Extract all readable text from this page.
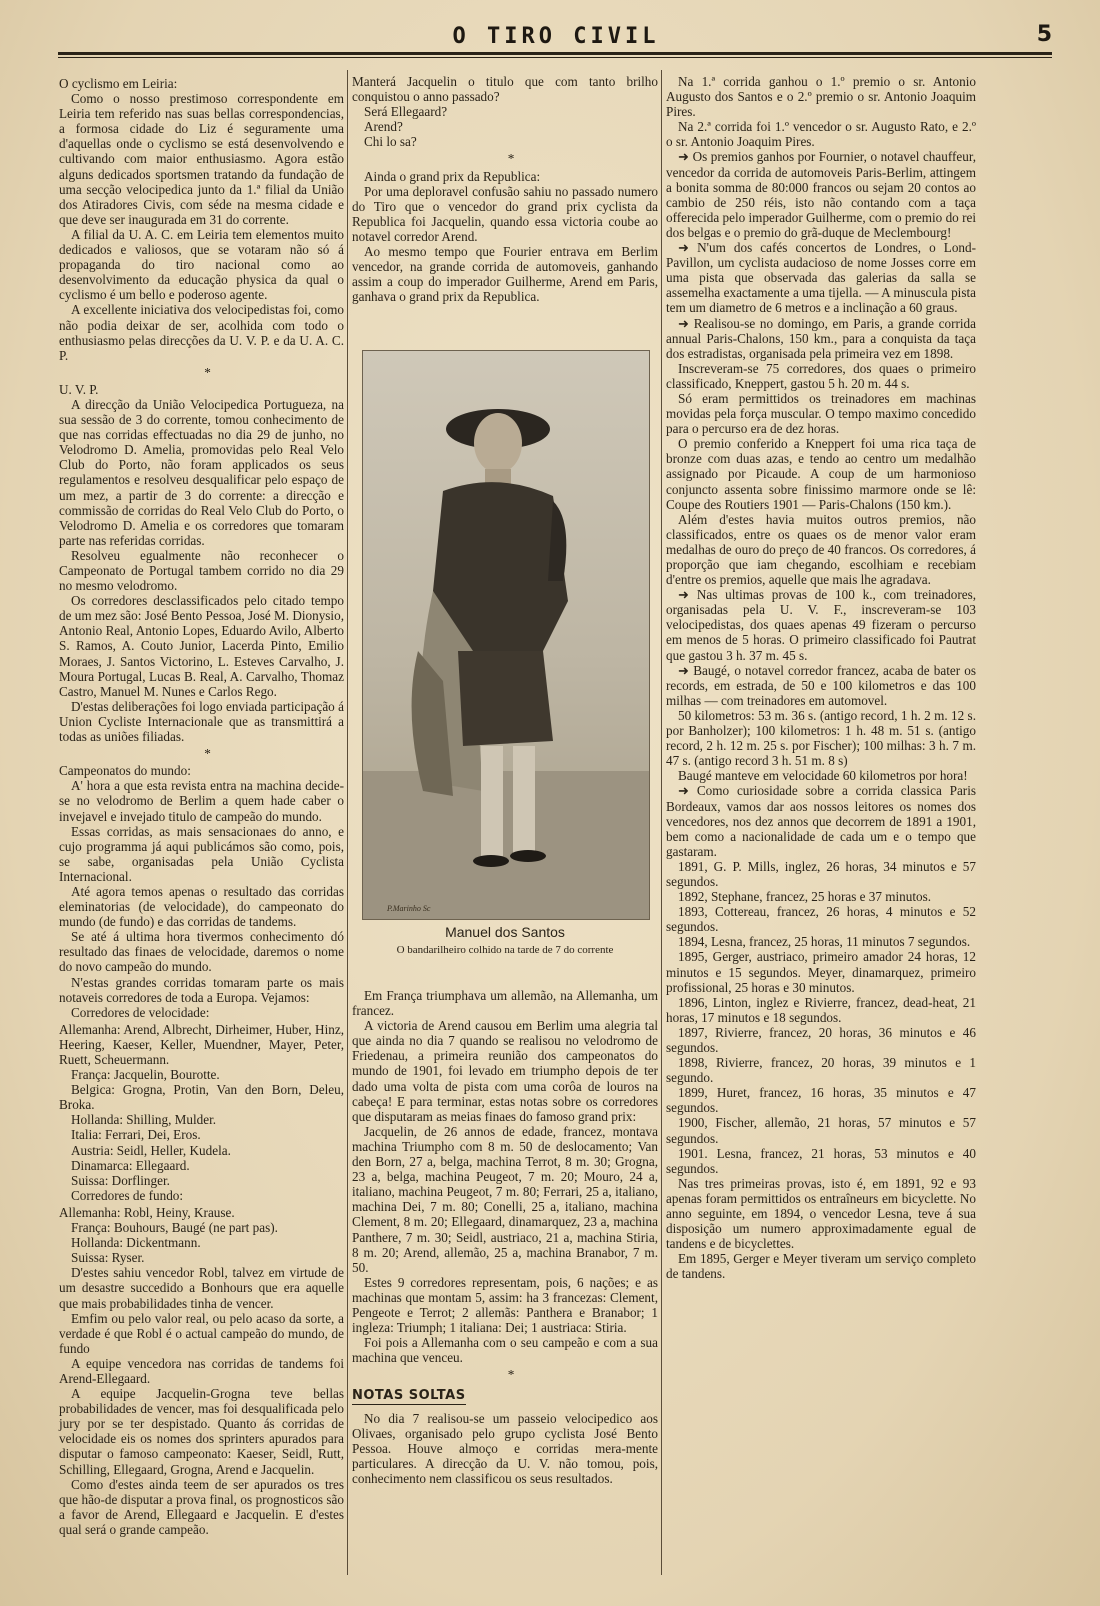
O TIRO CIVIL	5

O cyclismo em Leiria:

Como o nosso prestimoso correspondente em Leiria tem referido nas suas bellas correspondencias, a formosa cidade do Liz é seguramente uma d'aquellas onde o cyclismo se está desenvolvendo e cultivando com maior enthusiasmo. Agora estão alguns dedicados sportsmen tratando da fundação de uma secção velocipedica junto da 1.ª filial da União dos Atiradores Civis, com séde na mesma cidade e que deve ser inaugurada em 31 do corrente.

A filial da U. A. C. em Leiria tem elementos muito dedicados e valiosos, que se votaram não só á propaganda do tiro nacional como ao desenvolvimento da educação physica da qual o cyclismo é um bello e poderoso agente.

A excellente iniciativa dos velocipedistas foi, como não podia deixar de ser, acolhida com todo o enthusiasmo pelas direcções da U. V. P. e da U. A. C. P.

*

U. V. P.

A direcção da União Velocipedica Portugueza, na sua sessão de 3 do corrente, tomou conhecimento de que nas corridas effectuadas no dia 29 de junho, no Velodromo D. Amelia, promovidas pelo Real Velo Club do Porto, não foram applicados os seus regulamentos e resolveu desqualificar pelo espaço de um mez, a partir de 3 do corrente: a direcção e commissão de corridas do Real Velo Club do Porto, o Velodromo D. Amelia e os corredores que tomaram parte nas referidas corridas.

Resolveu egualmente não reconhecer o Campeonato de Portugal tambem corrido no dia 29 no mesmo velodromo.

Os corredores desclassificados pelo citado tempo de um mez são: José Bento Pessoa, José M. Dionysio, Antonio Real, Antonio Lopes, Eduardo Avilo, Alberto S. Ramos, A. Couto Junior, Lacerda Pinto, Emilio Moraes, J. Santos Victorino, L. Esteves Carvalho, J. Moura Portugal, Lucas B. Real, A. Carvalho, Thomaz Castro, Manuel M. Nunes e Carlos Rego.

D'estas deliberações foi logo enviada participação á Union Cycliste Internacionale que as transmittirá a todas as uniões filiadas.

*

Campeonatos do mundo:

A' hora a que esta revista entra na machina decide-se no velodromo de Berlim a quem hade caber o invejavel e invejado titulo de campeão do mundo.

Essas corridas, as mais sensacionaes do anno, e cujo programma já aqui publicámos são como, pois, se sabe, organisadas pela União Cyclista Internacional.

Até agora temos apenas o resultado das corridas eleminatorias (de velocidade), do campeonato do mundo (de fundo) e das corridas de tandems.

Se até á ultima hora tivermos conhecimento dó resultado das finaes de velocidade, daremos o nome do novo campeão do mundo.

N'estas grandes corridas tomaram parte os mais notaveis corredores de toda a Europa. Vejamos:

Corredores de velocidade:

Allemanha: Arend, Albrecht, Dirheimer, Huber, Hinz, Heering, Kaeser, Keller, Muendner, Mayer, Peter, Ruett, Scheuermann.

França: Jacquelin, Bourotte.

Belgica: Grogna, Protin, Van den Born, Deleu, Broka.

Hollanda: Shilling, Mulder.

Italia: Ferrari, Dei, Eros.

Austria: Seidl, Heller, Kudela.

Dinamarca: Ellegaard.

Suissa: Dorflinger.

Corredores de fundo:

Allemanha: Robl, Heiny, Krause.

França: Bouhours, Baugé (ne part pas).

Hollanda: Dickentmann.

Suissa: Ryser.

D'estes sahiu vencedor Robl, talvez em virtude de um desastre succedido a Bonhours que era aquelle que mais probabilidades tinha de vencer.

Emfim ou pelo valor real, ou pelo acaso da sorte, a verdade é que Robl é o actual campeão do mundo, de fundo

A equipe vencedora nas corridas de tandems foi Arend-Ellegaard.

A equipe Jacquelin-Grogna teve bellas probabilidades de vencer, mas foi desqualificada pelo jury por se ter despistado. Quanto ás corridas de velocidade eis os nomes dos sprinters apurados para disputar o famoso campeonato: Kaeser, Seidl, Rutt, Schilling, Ellegaard, Grogna, Arend e Jacquelin.

Como d'estes ainda teem de ser apurados os tres que hão-de disputar a prova final, os prognosticos são a favor de Arend, Ellegaard e Jacquelin. E d'estes qual será o grande campeão.

Manterá Jacquelin o titulo que com tanto brilho conquistou o anno passado?

Será Ellegaard?

Arend?

Chi lo sa?

*

Ainda o grand prix da Republica:

Por uma deploravel confusão sahiu no passado numero do Tiro que o vencedor do grand prix cyclista da Republica foi Jacquelin, quando essa victoria coube ao notavel corredor Arend.

Ao mesmo tempo que Fourier entrava em Berlim vencedor, na grande corrida de automoveis, ganhando assim a coup do imperador Guilherme, Arend em Paris, ganhava o grand prix da Republica.

P.Marinho Sc
Manuel dos Santos
O bandarilheiro colhido na tarde de 7 do corrente

Em França triumphava um allemão, na Allemanha, um francez.

A victoria de Arend causou em Berlim uma alegria tal que ainda no dia 7 quando se realisou no velodromo de Friedenau, a primeira reunião dos campeonatos do mundo de 1901, foi levado em triumpho depois de ter dado uma volta de pista com uma corôa de louros na cabeça! E para terminar, estas notas sobre os corredores que disputaram as meias finaes do famoso grand prix:

Jacquelin, de 26 annos de edade, francez, montava machina Triumpho com 8 m. 50 de deslocamento; Van den Born, 27 a, belga, machina Terrot, 8 m. 30; Grogna, 23 a, belga, machina Peugeot, 7 m. 20; Mouro, 24 a, italiano, machina Peugeot, 7 m. 80; Ferrari, 25 a, italiano, machina Dei, 7 m. 80; Conelli, 25 a, italiano, machina Clement, 8 m. 20; Ellegaard, dinamarquez, 23 a, machina Panthere, 7 m. 30; Seidl, austriaco, 21 a, machina Stiria, 8 m. 20; Arend, allemão, 25 a, machina Branabor, 7 m. 50.

Estes 9 corredores representam, pois, 6 nações; e as machinas que montam 5, assim: ha 3 francezas: Clement, Pengeote e Terrot; 2 allemãs: Panthera e Branabor; 1 ingleza: Triumph; 1 italiana: Dei; 1 austriaca: Stiria.

Foi pois a Allemanha com o seu campeão e com a sua machina que venceu.

*

NOTAS SOLTAS

No dia 7 realisou-se um passeio velocipedico aos Olivaes, organisado pelo grupo cyclista José Bento Pessoa. Houve almoço e corridas mera-mente particulares. A direcção da U. V. não tomou, pois, conhecimento nem classificou os seus resultados.

Na 1.ª corrida ganhou o 1.º premio o sr. Antonio Augusto dos Santos e o 2.º premio o sr. Antonio Joaquim Pires.

Na 2.ª corrida foi 1.º vencedor o sr. Augusto Rato, e 2.º o sr. Antonio Joaquim Pires.

➜ Os premios ganhos por Fournier, o notavel chauffeur, vencedor da corrida de automoveis Paris-Berlim, attingem a bonita somma de 80:000 francos ou sejam 20 contos ao cambio de 250 réis, isto não contando com a taça offerecida pelo imperador Guilherme, com o premio do rei dos belgas e o premio do grã-duque de Meclembourg!

➜ N'um dos cafés concertos de Londres, o Lond-Pavillon, um cyclista audacioso de nome Josses corre em uma pista que observada das galerias da salla se assemelha exactamente a uma tijella. — A minuscula pista tem um diametro de 6 metros e a inclinação a 60 graus.

➜ Realisou-se no domingo, em Paris, a grande corrida annual Paris-Chalons, 150 km., para a conquista da taça dos estradistas, organisada pela primeira vez em 1898.

Inscreveram-se 75 corredores, dos quaes o primeiro classificado, Kneppert, gastou 5 h. 20 m. 44 s.

Só eram permittidos os treinadores em machinas movidas pela força muscular. O tempo maximo concedido para o percurso era de dez horas.

O premio conferido a Kneppert foi uma rica taça de bronze com duas azas, e tendo ao centro um medalhão assignado por Picaude. A coup de um harmonioso conjuncto assenta sobre finissimo marmore onde se lê: Coupe des Routiers 1901 — Paris-Chalons (150 km.).

Além d'estes havia muitos outros premios, não classificados, entre os quaes os de menor valor eram medalhas de ouro do preço de 40 francos. Os corredores, á proporção que iam chegando, escolhiam e recebiam d'entre os premios, aquelle que mais lhe agradava.

➜ Nas ultimas provas de 100 k., com treinadores, organisadas pela U. V. F., inscreveram-se 103 velocipedistas, dos quaes apenas 49 fizeram o percurso em menos de 5 horas. O primeiro classificado foi Pautrat que gastou 3 h. 37 m. 45 s.

➜ Baugé, o notavel corredor francez, acaba de bater os records, em estrada, de 50 e 100 kilometros e das 100 milhas — com treinadores em automovel.

50 kilometros: 53 m. 36 s. (antigo record, 1 h. 2 m. 12 s. por Banholzer); 100 kilometros: 1 h. 48 m. 51 s. (antigo record, 2 h. 12 m. 25 s. por Fischer); 100 milhas: 3 h. 7 m. 47 s. (antigo record 3 h. 51 m. 8 s)

Baugé manteve em velocidade 60 kilometros por hora!

➜ Como curiosidade sobre a corrida classica Paris Bordeaux, vamos dar aos nossos leitores os nomes dos vencedores, nos dez annos que decorrem de 1891 a 1901, bem como a nacionalidade de cada um e o tempo que gastaram.

1891, G. P. Mills, inglez, 26 horas, 34 minutos e 57 segundos.

1892, Stephane, francez, 25 horas e 37 minutos.

1893, Cottereau, francez, 26 horas, 4 minutos e 52 segundos.

1894, Lesna, francez, 25 horas, 11 minutos 7 segundos.

1895, Gerger, austriaco, primeiro amador 24 horas, 12 minutos e 15 segundos. Meyer, dinamarquez, primeiro profissional, 25 horas e 30 minutos.

1896, Linton, inglez e Rivierre, francez, dead-heat, 21 horas, 17 minutos e 18 segundos.

1897, Rivierre, francez, 20 horas, 36 minutos e 46 segundos.

1898, Rivierre, francez, 20 horas, 39 minutos e 1 segundo.

1899, Huret, francez, 16 horas, 35 minutos e 47 segundos.

1900, Fischer, allemão, 21 horas, 57 minutos e 57 segundos.

1901. Lesna, francez, 21 horas, 53 minutos e 40 segundos.

Nas tres primeiras provas, isto é, em 1891, 92 e 93 apenas foram permittidos os entraîneurs em bicyclette. No anno seguinte, em 1894, o vencedor Lesna, teve á sua disposição um numero approximadamente egual de tandens e de bicyclettes.

Em 1895, Gerger e Meyer tiveram um serviço completo de tandens.
